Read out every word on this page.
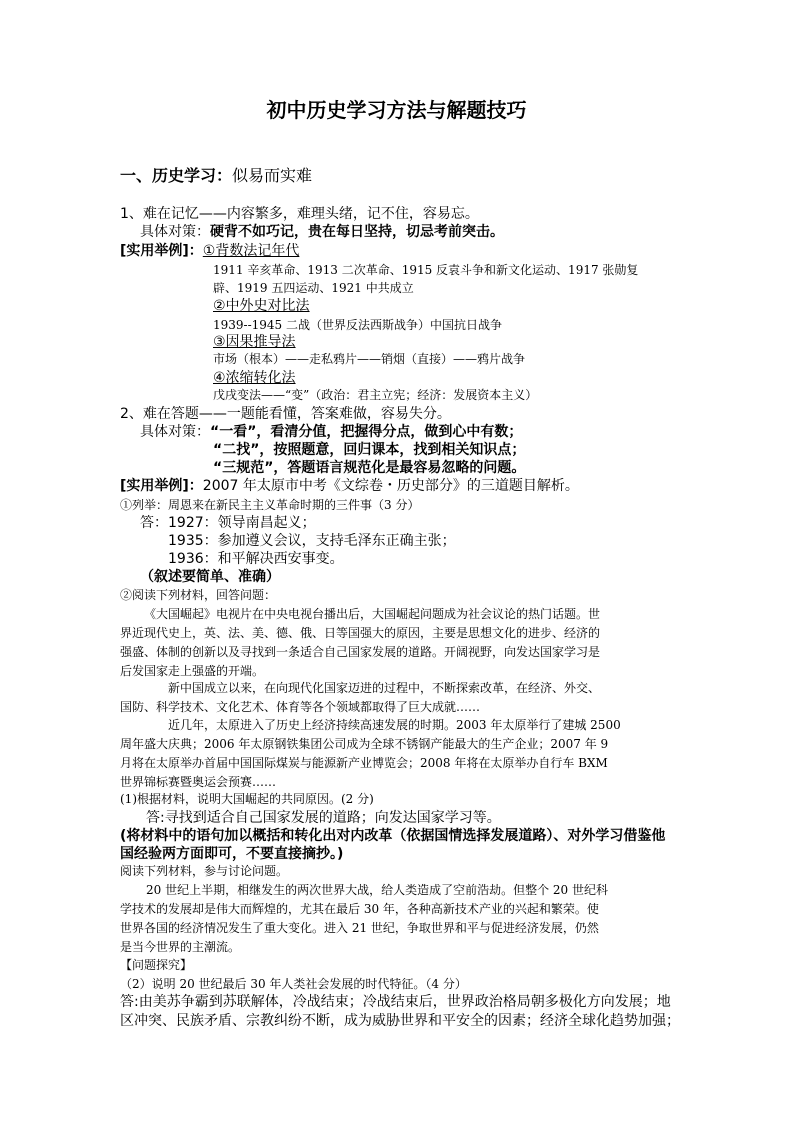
初中历史学习方法与解题技巧
一、历史学习：似易而实难
1、难在记忆——内容繁多，难理头绪，记不住，容易忘。
具体对策：硬背不如巧记，贵在每日坚持，切忌考前突击。
[实用举例]：①背数法记年代
1911 辛亥革命、1913 二次革命、1915 反袁斗争和新文化运动、1917 张勋复
辟、1919 五四运动、1921 中共成立
②中外史对比法
1939--1945 二战（世界反法西斯战争）中国抗日战争
③因果推导法
市场（根本）——走私鸦片——销烟（直接）——鸦片战争
④浓缩转化法
戊戌变法——“变”（政治：君主立宪；经济：发展资本主义）
2、难在答题——一题能看懂，答案难做，容易失分。
具体对策：“一看”，看清分值，把握得分点，做到心中有数；
“二找”，按照题意，回归课本，找到相关知识点；
“三规范”，答题语言规范化是最容易忽略的问题。
[实用举例]：2007 年太原市中考《文综卷・历史部分》的三道题目解析。
①列举：周恩来在新民主主义革命时期的三件事（3 分）
答：1927：领导南昌起义；
1935：参加遵义会议，支持毛泽东正确主张；
1936：和平解决西安事变。
（叙述要简单、准确）
②阅读下列材料，回答问题：
《大国崛起》电视片在中央电视台播出后，大国崛起问题成为社会议论的热门话题。世
界近现代史上，英、法、美、德、俄、日等国强大的原因，主要是思想文化的进步、经济的
强盛、体制的创新以及寻找到一条适合自己国家发展的道路。开阔视野，向发达国家学习是
后发国家走上强盛的开端。
新中国成立以来，在向现代化国家迈进的过程中，不断探索改革，在经济、外交、
国防、科学技术、文化艺术、体育等各个领域都取得了巨大成就……
近几年，太原进入了历史上经济持续高速发展的时期。2003 年太原举行了建城 2500
周年盛大庆典；2006 年太原钢铁集团公司成为全球不锈钢产能最大的生产企业；2007 年 9
月将在太原举办首届中国国际煤炭与能源新产业博览会；2008 年将在太原举办自行车 BXM
世界锦标赛暨奥运会预赛……
(1)根据材料，说明大国崛起的共同原因。(2 分)
答:寻找到适合自己国家发展的道路；向发达国家学习等。
(将材料中的语句加以概括和转化出对内改革（依据国情选择发展道路）、对外学习借鉴他
国经验两方面即可，不要直接摘抄。)
阅读下列材料，参与讨论问题。
20 世纪上半期，相继发生的两次世界大战，给人类造成了空前浩劫。但整个 20 世纪科
学技术的发展却是伟大而辉煌的，尤其在最后 30 年，各种高新技术产业的兴起和繁荣。使
世界各国的经济情况发生了重大变化。进入 21 世纪，争取世界和平与促进经济发展，仍然
是当今世界的主潮流。
【问题探究】
（2）说明 20 世纪最后 30 年人类社会发展的时代特征。（4 分）
答:由美苏争霸到苏联解体，冷战结束；冷战结束后，世界政治格局朝多极化方向发展；地
区冲突、民族矛盾、宗教纠纷不断，成为威胁世界和平安全的因素；经济全球化趋势加强；
